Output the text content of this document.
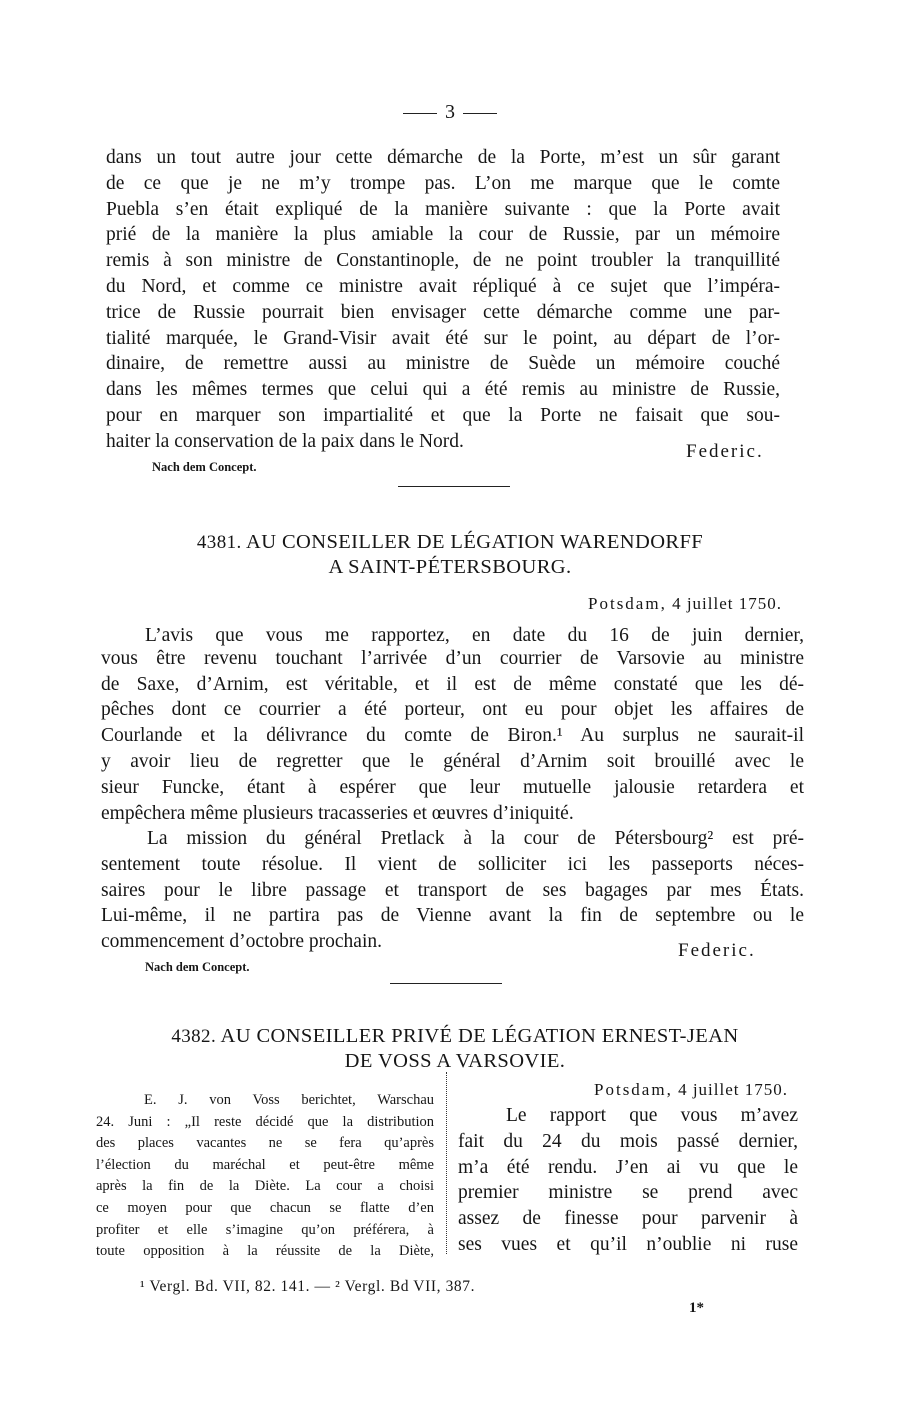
3
dans un tout autre jour cette démarche de la Porte, m’est un sûr garant
de ce que je ne m’y trompe pas. L’on me marque que le comte
Puebla s’en était expliqué de la manière suivante : que la Porte avait
prié de la manière la plus amiable la cour de Russie, par un mémoire
remis à son ministre de Constantinople, de ne point troubler la tranquillité
du Nord, et comme ce ministre avait répliqué à ce sujet que l’impéra-
trice de Russie pourrait bien envisager cette démarche comme une par-
tialité marquée, le Grand-Visir avait été sur le point, au départ de l’or-
dinaire, de remettre aussi au ministre de Suède un mémoire couché
dans les mêmes termes que celui qui a été remis au ministre de Russie,
pour en marquer son impartialité et que la Porte ne faisait que sou-
haiter la conservation de la paix dans le Nord.	Federic.
Nach dem Concept.
4381. AU CONSEILLER DE LÉGATION WARENDORFF
A SAINT-PÉTERSBOURG.
Potsdam, 4 juillet 1750.
L’avis que vous me rapportez, en date du 16 de juin dernier,
vous être revenu touchant l’arrivée d’un courrier de Varsovie au ministre
de Saxe, d’Arnim, est véritable, et il est de même constaté que les dé-
pêches dont ce courrier a été porteur, ont eu pour objet les affaires de
Courlande et la délivrance du comte de Biron.¹ Au surplus ne saurait-il
y avoir lieu de regretter que le général d’Arnim soit brouillé avec le
sieur Funcke, étant à espérer que leur mutuelle jalousie retardera et
empêchera même plusieurs tracasseries et œuvres d’iniquité.
La mission du général Pretlack à la cour de Pétersbourg² est pré-
sentement toute résolue. Il vient de solliciter ici les passeports néces-
saires pour le libre passage et transport de ses bagages par mes États.
Lui-même, il ne partira pas de Vienne avant la fin de septembre ou le
commencement d’octobre prochain.	Federic.
Nach dem Concept.
4382. AU CONSEILLER PRIVÉ DE LÉGATION ERNEST-JEAN
DE VOSS A VARSOVIE.
E. J. von Voss berichtet, Warschau
24. Juni : „Il reste décidé que la distribution
des places vacantes ne se fera qu’après
l’élection du maréchal et peut-être même
après la fin de la Diète. La cour a choisi
ce moyen pour que chacun se flatte d’en
profiter et elle s’imagine qu’on préférera, à
toute opposition à la réussite de la Diète,
Potsdam, 4 juillet 1750.
Le rapport que vous m’avez
fait du 24 du mois passé dernier,
m’a été rendu. J’en ai vu que le
premier ministre se prend avec
assez de finesse pour parvenir à
ses vues et qu’il n’oublie ni ruse
¹ Vergl. Bd. VII, 82. 141. — ² Vergl. Bd VII, 387.
1*
